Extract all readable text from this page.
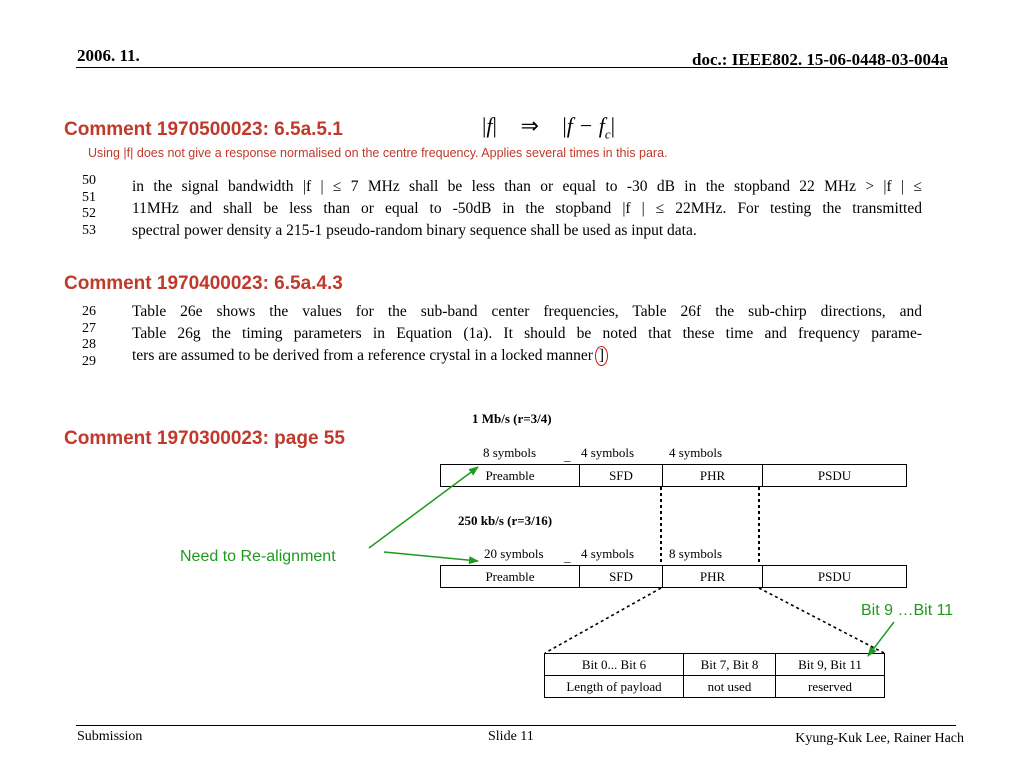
2006. 11.	doc.: IEEE802. 15-06-0448-03-004a
Comment 1970500023: 6.5a.5.1	|f| ⇒ $|f - f_c|$
Using |f| does not give a response normalised on the centre frequency. Applies several times in this para.
50
51
52
53
in the signal bandwidth |f | ≤ 7 MHz shall be less than or equal to -30 dB in the stopband 22 MHz > |f | ≤
11MHz and shall be less than or equal to -50dB in the stopband |f | ≤ 22MHz. For testing the transmitted
spectral power density a 215-1 pseudo-random binary sequence shall be used as input data.
Comment 1970400023: 6.5a.4.3
26
27
28
29
Table 26e shows the values for the sub-band center frequencies, Table 26f the sub-chirp directions, and
Table 26g the timing parameters in Equation (1a). It should be noted that these time and frequency parame-
ters are assumed to be derived from a reference crystal in a locked manner ]
Comment 1970300023: page 55
1 Mb/s (r=3/4)
8 symbols _ 4 symbols	4 symbols
Preamble	SFD	PHR	PSDU
250 kb/s (r=3/16)
20 symbols _ 4 symbols	8 symbols
Preamble	SFD	PHR	PSDU
Bit 0... Bit 6	Bit 7, Bit 8	Bit 9, Bit 11
Length of payload	not used	reserved
Need to Re-alignment
Bit 9 …Bit 11
Submission	Slide 11	Kyung-Kuk Lee, Rainer Hach
